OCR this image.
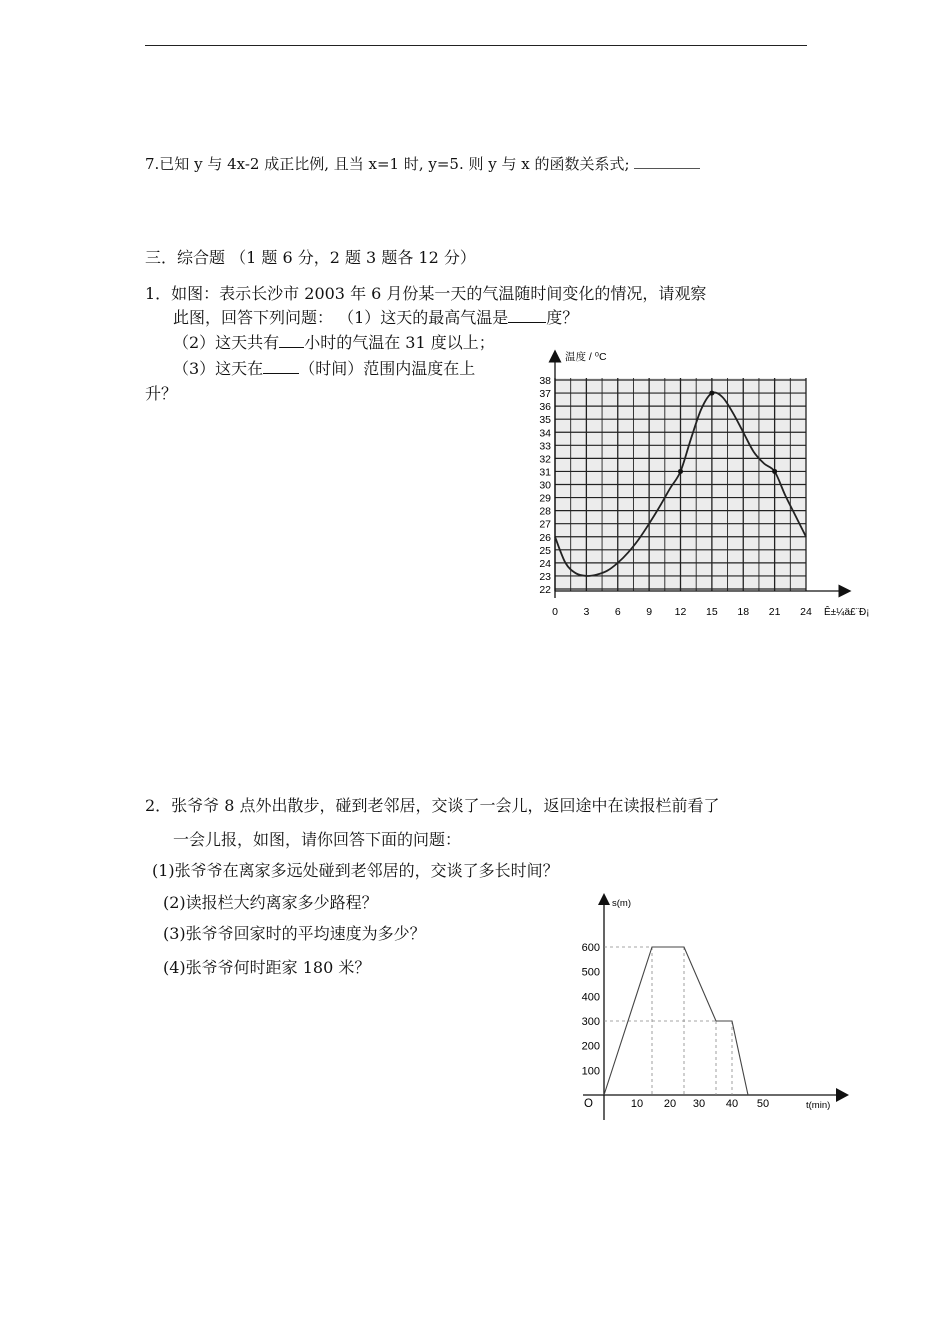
7.已知 y 与 4x-2 成正比例, 且当 x=1 时, y=5. 则 y 与 x 的函数关系式;
三．综合题 （1 题 6 分，2 题 3 题各 12 分）
1．如图：表示长沙市 2003 年 6 月份某一天的气温随时间变化的情况，请观察
此图，回答下列问题： （1）这天的最高气温是 度？
（2）这天共有 小时的气温在 31 度以上；
（3）这天在 （时间）范围内温度在上
升？
22
23
24
25
26
27
28
29
30
31
32
33
34
35
36
37
38
0 3 6 9 12 15 18 21 24
温度 / ⁰C
Ê±¼ä£¨Ð¡
s(m)
t(min)
O
100
200
300
400
500
600
10 20 30 40 50
2．张爷爷 8 点外出散步，碰到老邻居，交谈了一会儿，返回途中在读报栏前看了
一会儿报，如图，请你回答下面的问题：
(1)张爷爷在离家多远处碰到老邻居的，交谈了多长时间？
(2)读报栏大约离家多少路程？
(3)张爷爷回家时的平均速度为多少？
(4)张爷爷何时距家 180 米？
